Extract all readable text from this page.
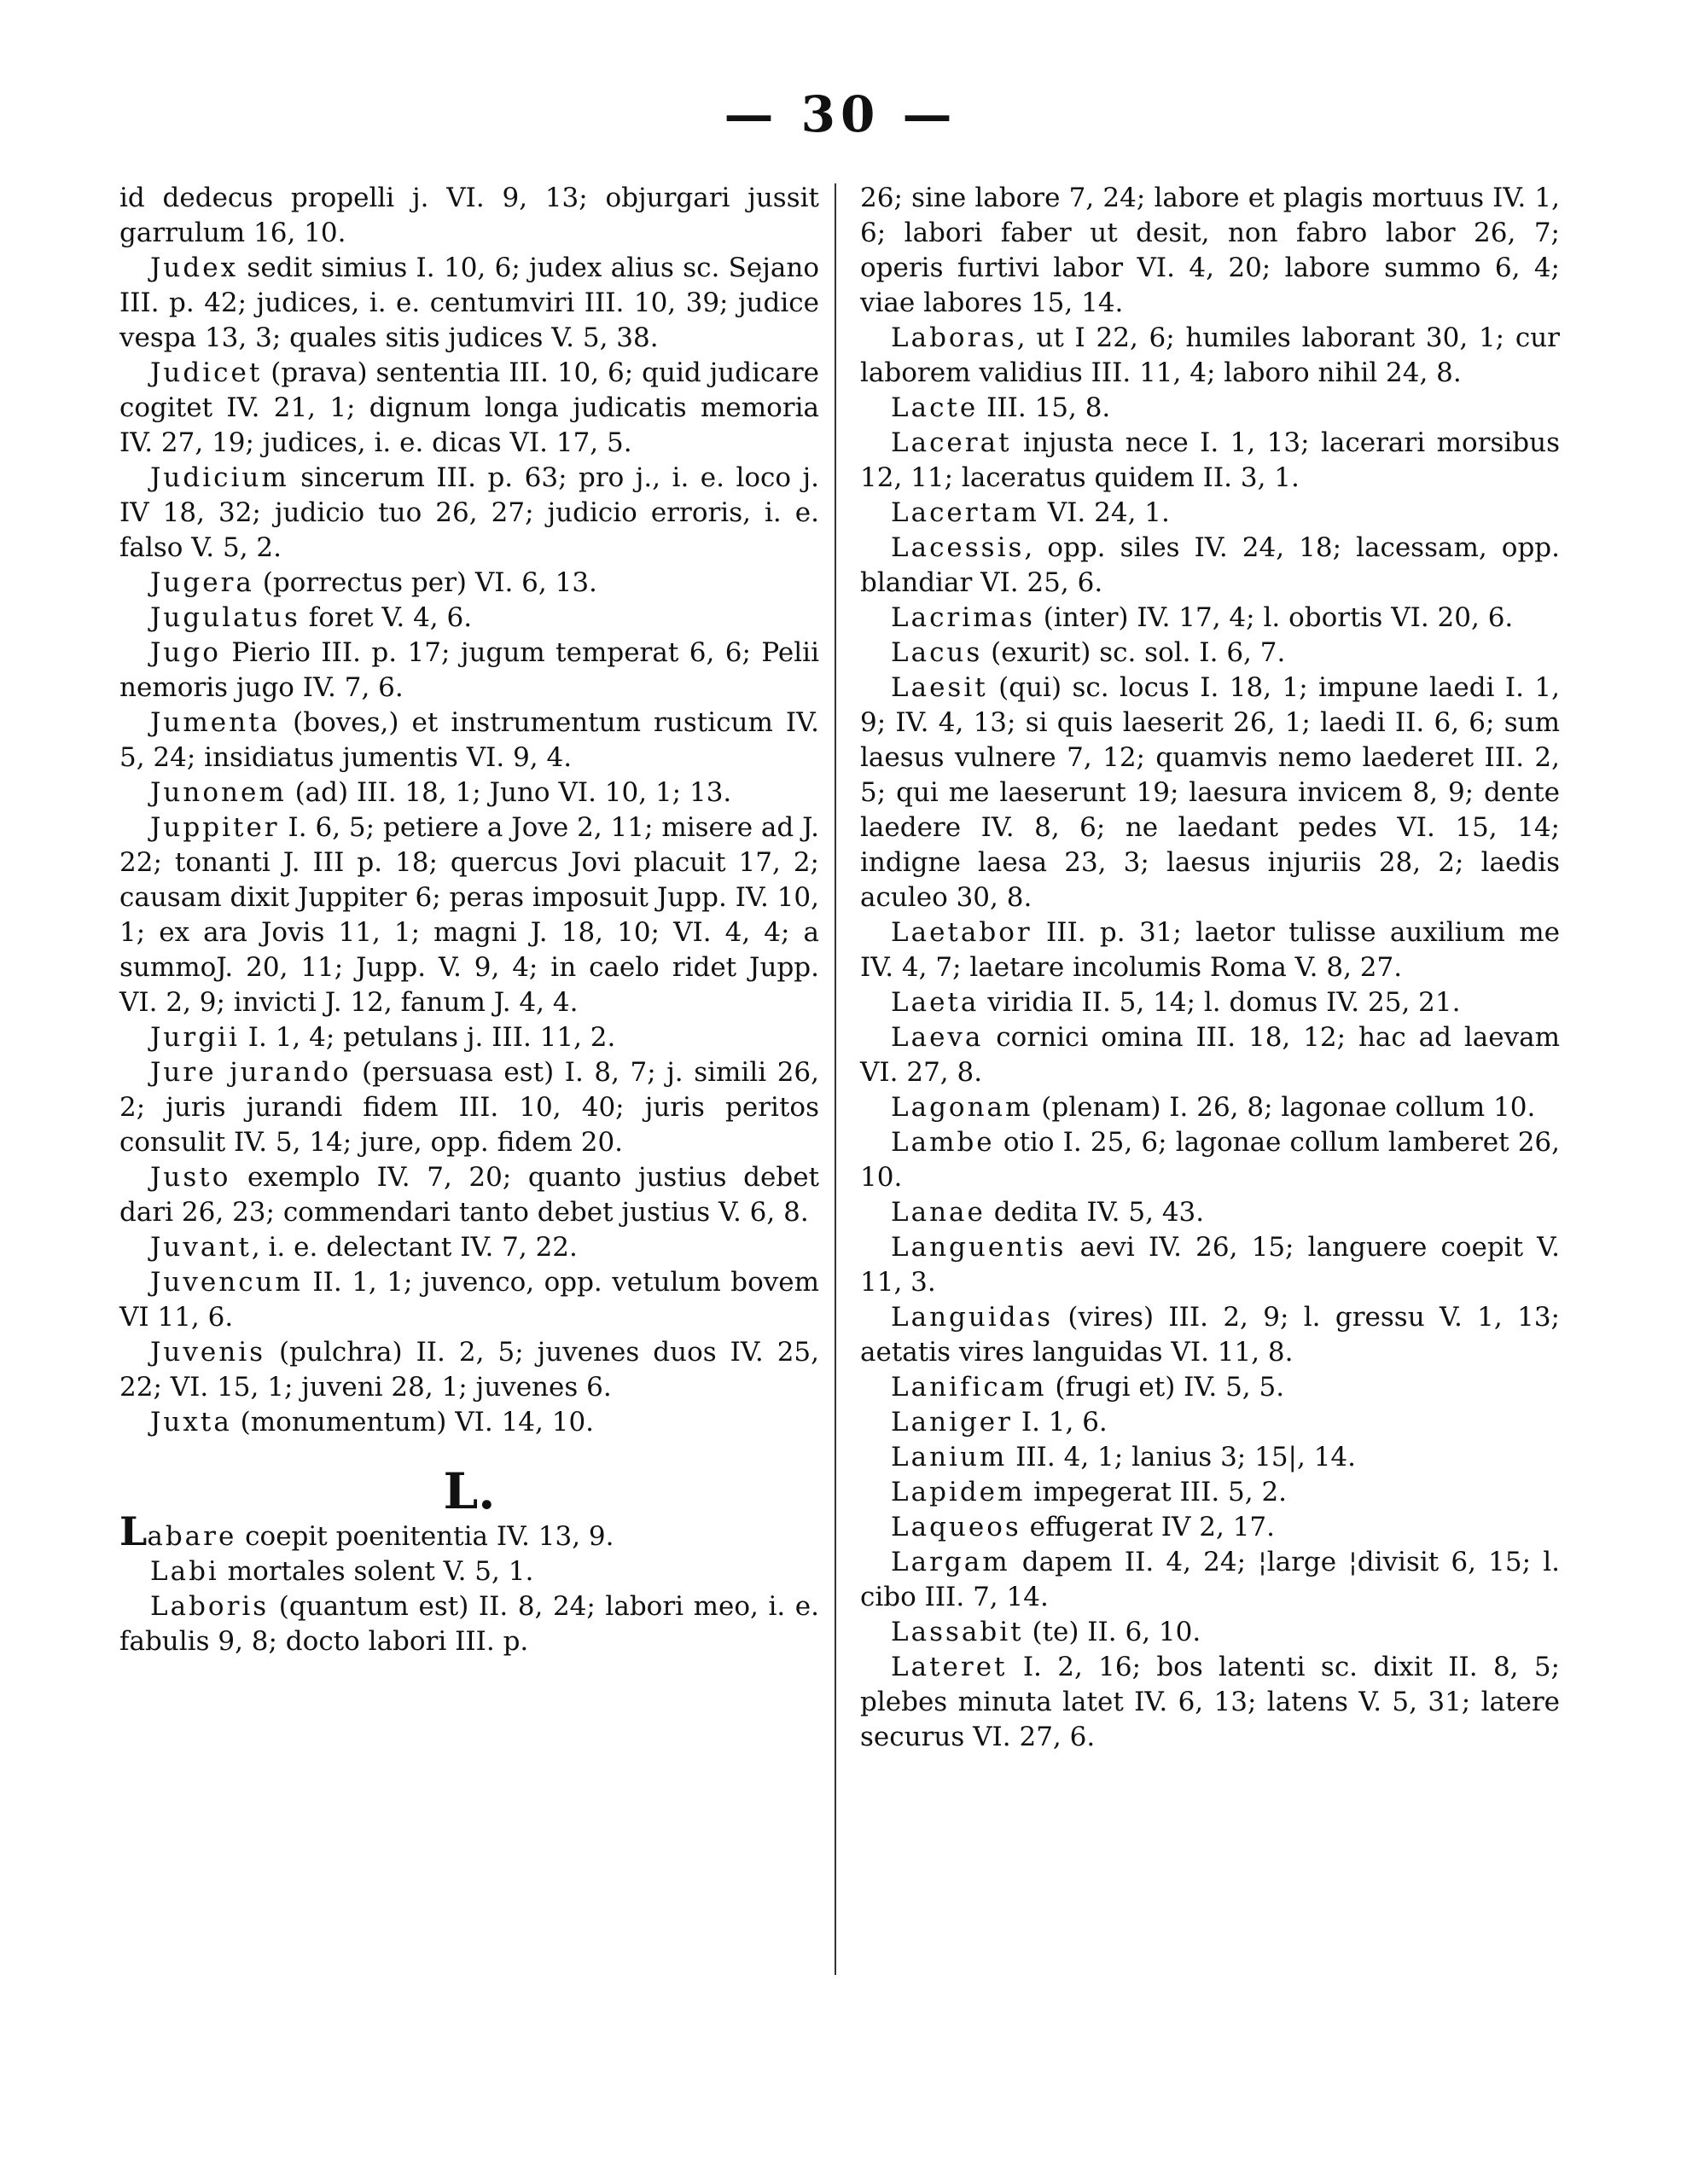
— 30 —

id dedecus propelli j. VI. 9, 13; objurgari jussit garrulum 16, 10.

Judex sedit simius I. 10, 6; judex alius sc. Sejano III. p. 42; judices, i. e. centumviri III. 10, 39; judice vespa 13, 3; quales sitis judices V. 5, 38.

Judicet (prava) sententia III. 10, 6; quid judicare cogitet IV. 21, 1; dignum longa judicatis memoria IV. 27, 19; judices, i. e. dicas VI. 17, 5.

Judicium sincerum III. p. 63; pro j., i. e. loco j. IV 18, 32; judicio tuo 26, 27; judicio erroris, i. e. falso V. 5, 2.

Jugera (porrectus per) VI. 6, 13.

Jugulatus foret V. 4, 6.

Jugo Pierio III. p. 17; jugum temperat 6, 6; Pelii nemoris jugo IV. 7, 6.

Jumenta (boves,) et instrumentum rusticum IV. 5, 24; insidiatus jumentis VI. 9, 4.

Junonem (ad) III. 18, 1; Juno VI. 10, 1; 13.

Juppiter I. 6, 5; petiere a Jove 2, 11; misere ad J. 22; tonanti J. III p. 18; quercus Jovi placuit 17, 2; causam dixit Juppiter 6; peras imposuit Jupp. IV. 10, 1; ex ara Jovis 11, 1; magni J. 18, 10; VI. 4, 4; a summoJ. 20, 11; Jupp. V. 9, 4; in caelo ridet Jupp. VI. 2, 9; invicti J. 12, fanum J. 4, 4.

Jurgii I. 1, 4; petulans j. III. 11, 2.

Jure jurando (persuasa est) I. 8, 7; j. simili 26, 2; juris jurandi fidem III. 10, 40; juris peritos consulit IV. 5, 14; jure, opp. fidem 20.

Justo exemplo IV. 7, 20; quanto justius debet dari 26, 23; commendari tanto debet justius V. 6, 8.

Juvant, i. e. delectant IV. 7, 22.

Juvencum II. 1, 1; juvenco, opp. vetulum bovem VI 11, 6.

Juvenis (pulchra) II. 2, 5; juvenes duos IV. 25, 22; VI. 15, 1; juveni 28, 1; juvenes 6.

Juxta (monumentum) VI. 14, 10.

L.

Labare coepit poenitentia IV. 13, 9.

Labi mortales solent V. 5, 1.

Laboris (quantum est) II. 8, 24; labori meo, i. e. fabulis 9, 8; docto labori III. p.

26; sine labore 7, 24; labore et plagis mortuus IV. 1, 6; labori faber ut desit, non fabro labor 26, 7; operis furtivi labor VI. 4, 20; labore summo 6, 4; viae labores 15, 14.

Laboras, ut I 22, 6; humiles laborant 30, 1; cur laborem validius III. 11, 4; laboro nihil 24, 8.

Lacte III. 15, 8.

Lacerat injusta nece I. 1, 13; lacerari morsibus 12, 11; laceratus quidem II. 3, 1.

Lacertam VI. 24, 1.

Lacessis, opp. siles IV. 24, 18; lacessam, opp. blandiar VI. 25, 6.

Lacrimas (inter) IV. 17, 4; l. obortis VI. 20, 6.

Lacus (exurit) sc. sol. I. 6, 7.

Laesit (qui) sc. locus I. 18, 1; impune laedi I. 1, 9; IV. 4, 13; si quis laeserit 26, 1; laedi II. 6, 6; sum laesus vulnere 7, 12; quamvis nemo laederet III. 2, 5; qui me laeserunt 19; laesura invicem 8, 9; dente laedere IV. 8, 6; ne laedant pedes VI. 15, 14; indigne laesa 23, 3; laesus injuriis 28, 2; laedis aculeo 30, 8.

Laetabor III. p. 31; laetor tulisse auxilium me IV. 4, 7; laetare incolumis Roma V. 8, 27.

Laeta viridia II. 5, 14; l. domus IV. 25, 21.

Laeva cornici omina III. 18, 12; hac ad laevam VI. 27, 8.

Lagonam (plenam) I. 26, 8; lagonae collum 10.

Lambe otio I. 25, 6; lagonae collum lamberet 26, 10.

Lanae dedita IV. 5, 43.

Languentis aevi IV. 26, 15; languere coepit V. 11, 3.

Languidas (vires) III. 2, 9; l. gressu V. 1, 13; aetatis vires languidas VI. 11, 8.

Lanificam (frugi et) IV. 5, 5.

Laniger I. 1, 6.

Lanium III. 4, 1; lanius 3; 15|, 14.

Lapidem impegerat III. 5, 2.

Laqueos effugerat IV 2, 17.

Largam dapem II. 4, 24; ¦large ¦divisit 6, 15; l. cibo III. 7, 14.

Lassabit (te) II. 6, 10.

Lateret I. 2, 16; bos latenti sc. dixit II. 8, 5; plebes minuta latet IV. 6, 13; latens V. 5, 31; latere securus VI. 27, 6.
